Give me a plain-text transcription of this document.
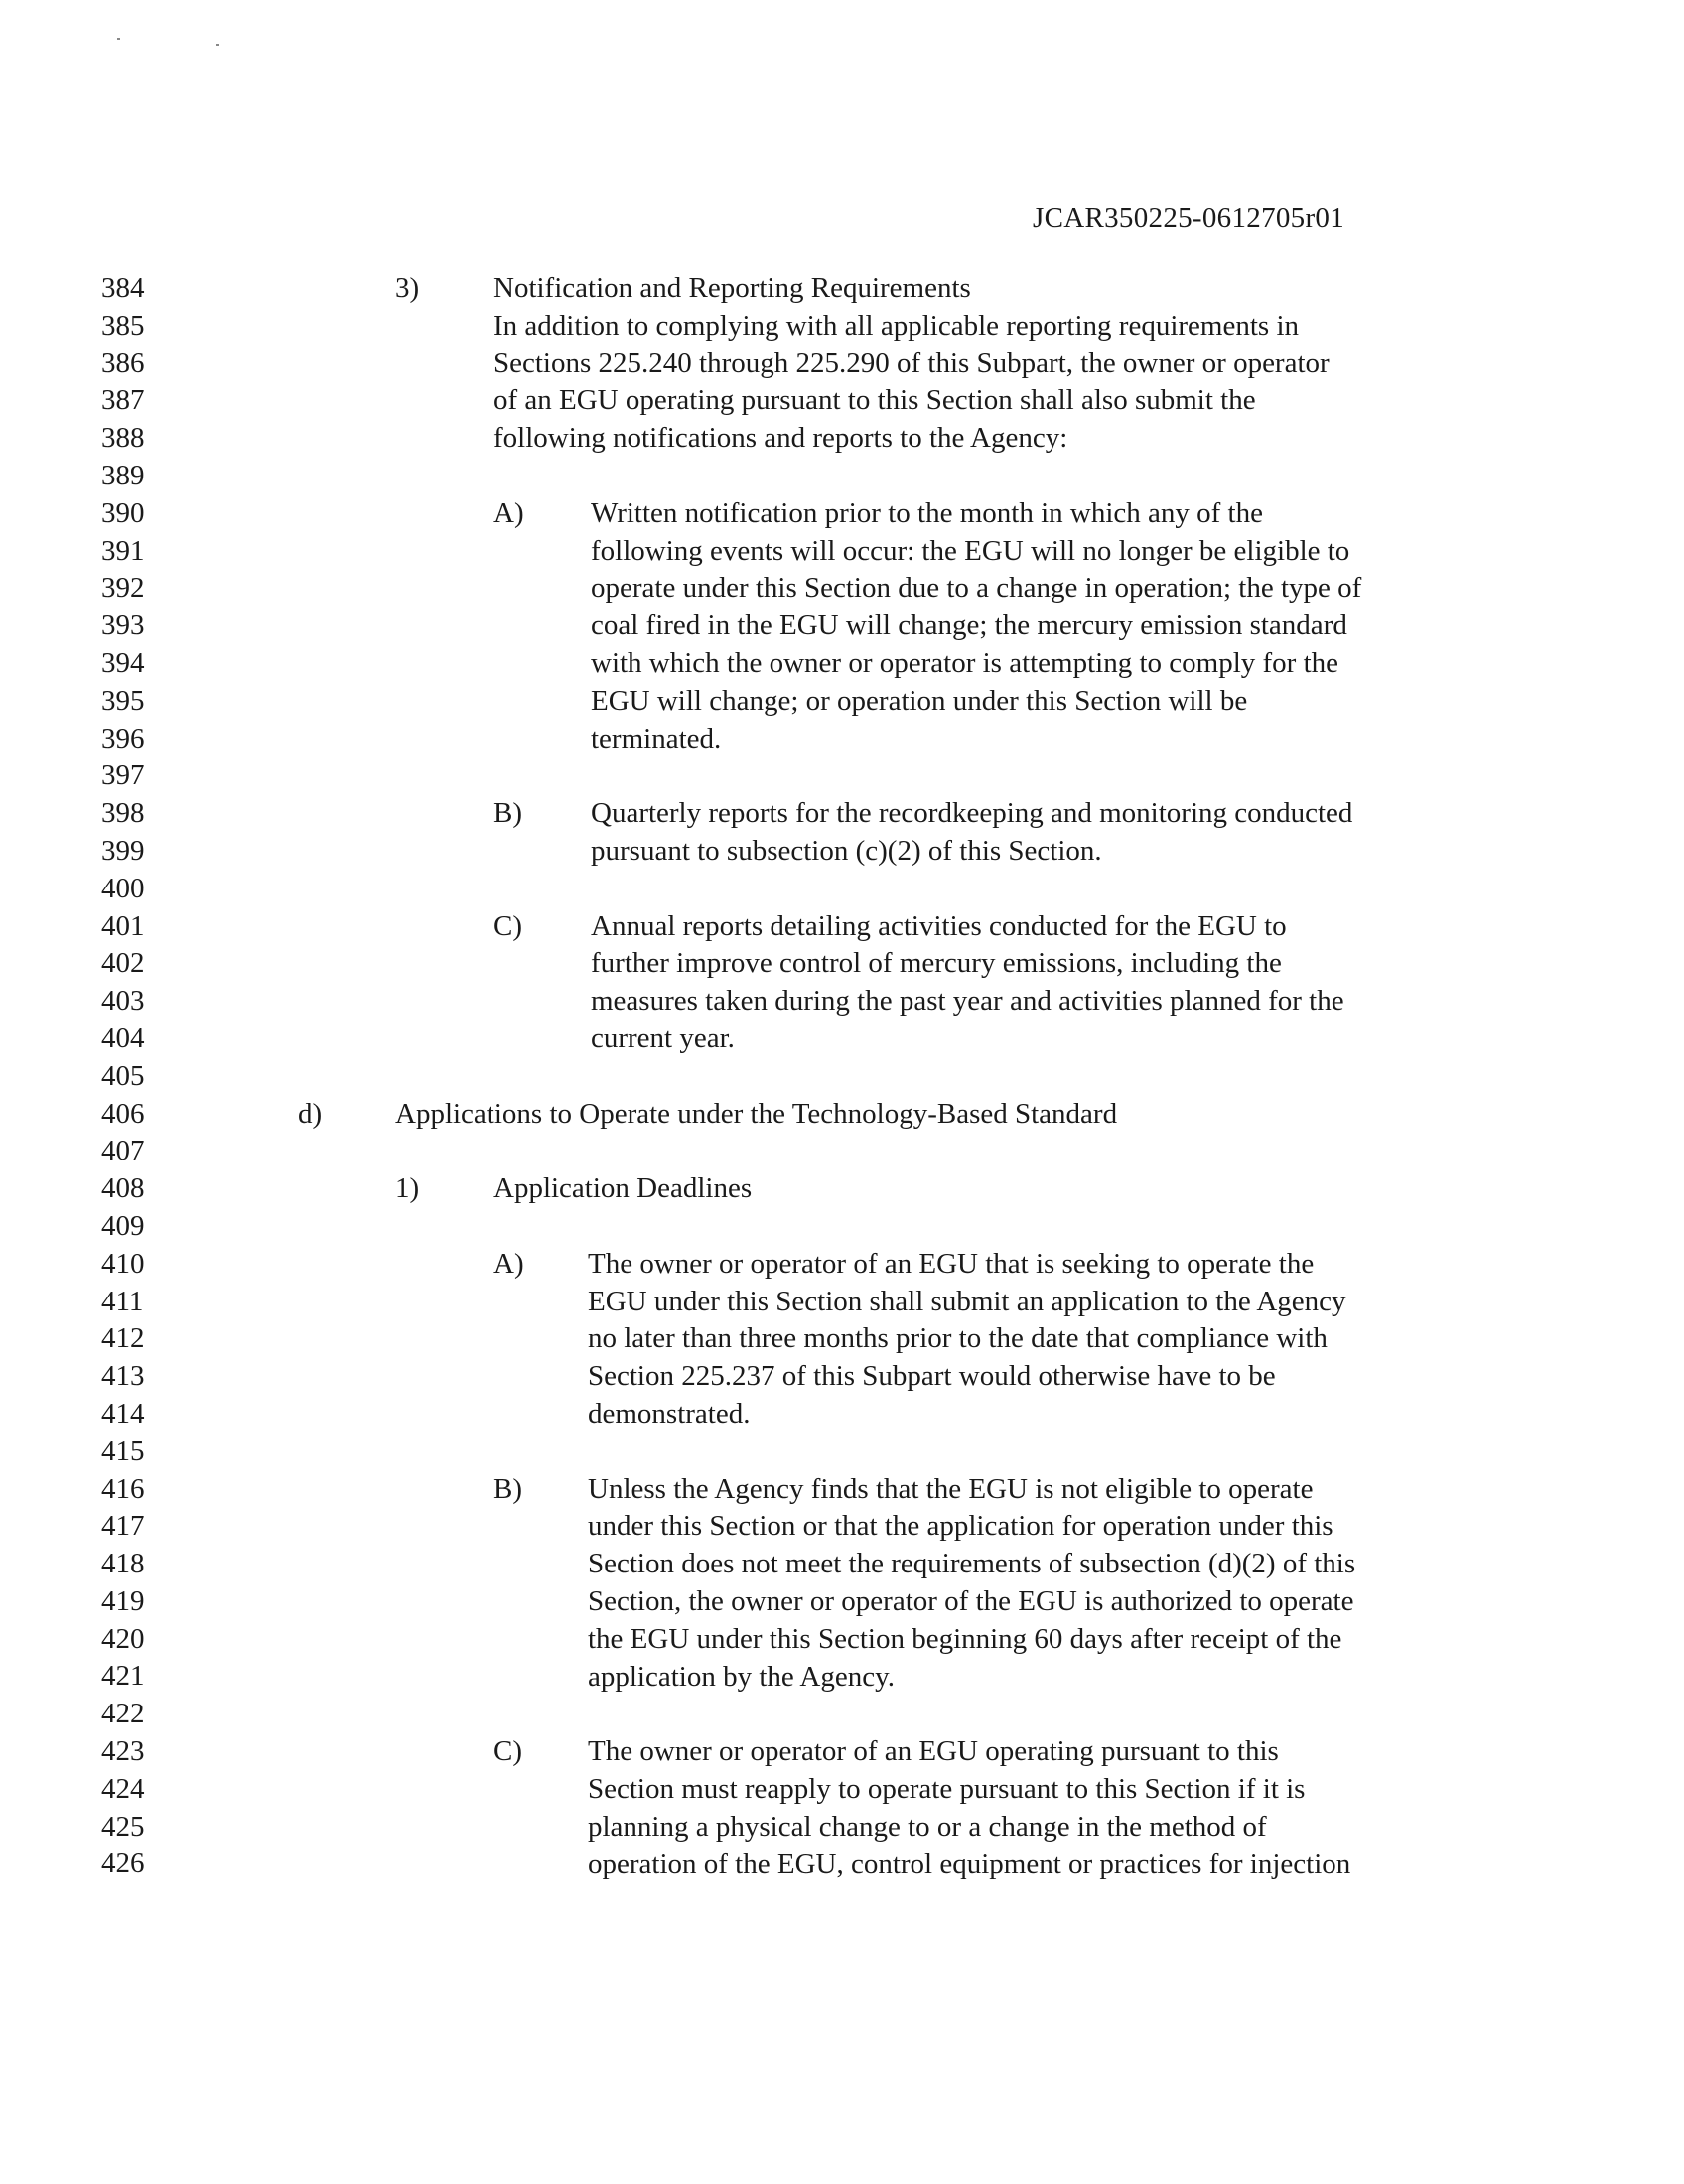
JCAR350225-0612705r01
384
385
386
387
388
389
390
391
392
393
394
395
396
397
398
399
400
401
402
403
404
405
406
407
408
409
410
411
412
413
414
415
416
417
418
419
420
421
422
423
424
425
426
3)	Notification and Reporting Requirements
In addition to complying with all applicable reporting requirements in
Sections 225.240 through 225.290 of this Subpart, the owner or operator
of an EGU operating pursuant to this Section shall also submit the
following notifications and reports to the Agency:
A) Written notification prior to the month in which any of the
following events will occur: the EGU will no longer be eligible to
operate under this Section due to a change in operation; the type of
coal fired in the EGU will change; the mercury emission standard
with which the owner or operator is attempting to comply for the
EGU will change; or operation under this Section will be
terminated.
B) Quarterly reports for the recordkeeping and monitoring conducted
pursuant to subsection (c)(2) of this Section.
C) Annual reports detailing activities conducted for the EGU to
further improve control of mercury emissions, including the
measures taken during the past year and activities planned for the
current year.
d)	Applications to Operate under the Technology-Based Standard
1)	Application Deadlines
A) The owner or operator of an EGU that is seeking to operate the
EGU under this Section shall submit an application to the Agency
no later than three months prior to the date that compliance with
Section 225.237 of this Subpart would otherwise have to be
demonstrated.
B) Unless the Agency finds that the EGU is not eligible to operate
under this Section or that the application for operation under this
Section does not meet the requirements of subsection (d)(2) of this
Section, the owner or operator of the EGU is authorized to operate
the EGU under this Section beginning 60 days after receipt of the
application by the Agency.
C) The owner or operator of an EGU operating pursuant to this
Section must reapply to operate pursuant to this Section if it is
planning a physical change to or a change in the method of
operation of the EGU, control equipment or practices for injection
